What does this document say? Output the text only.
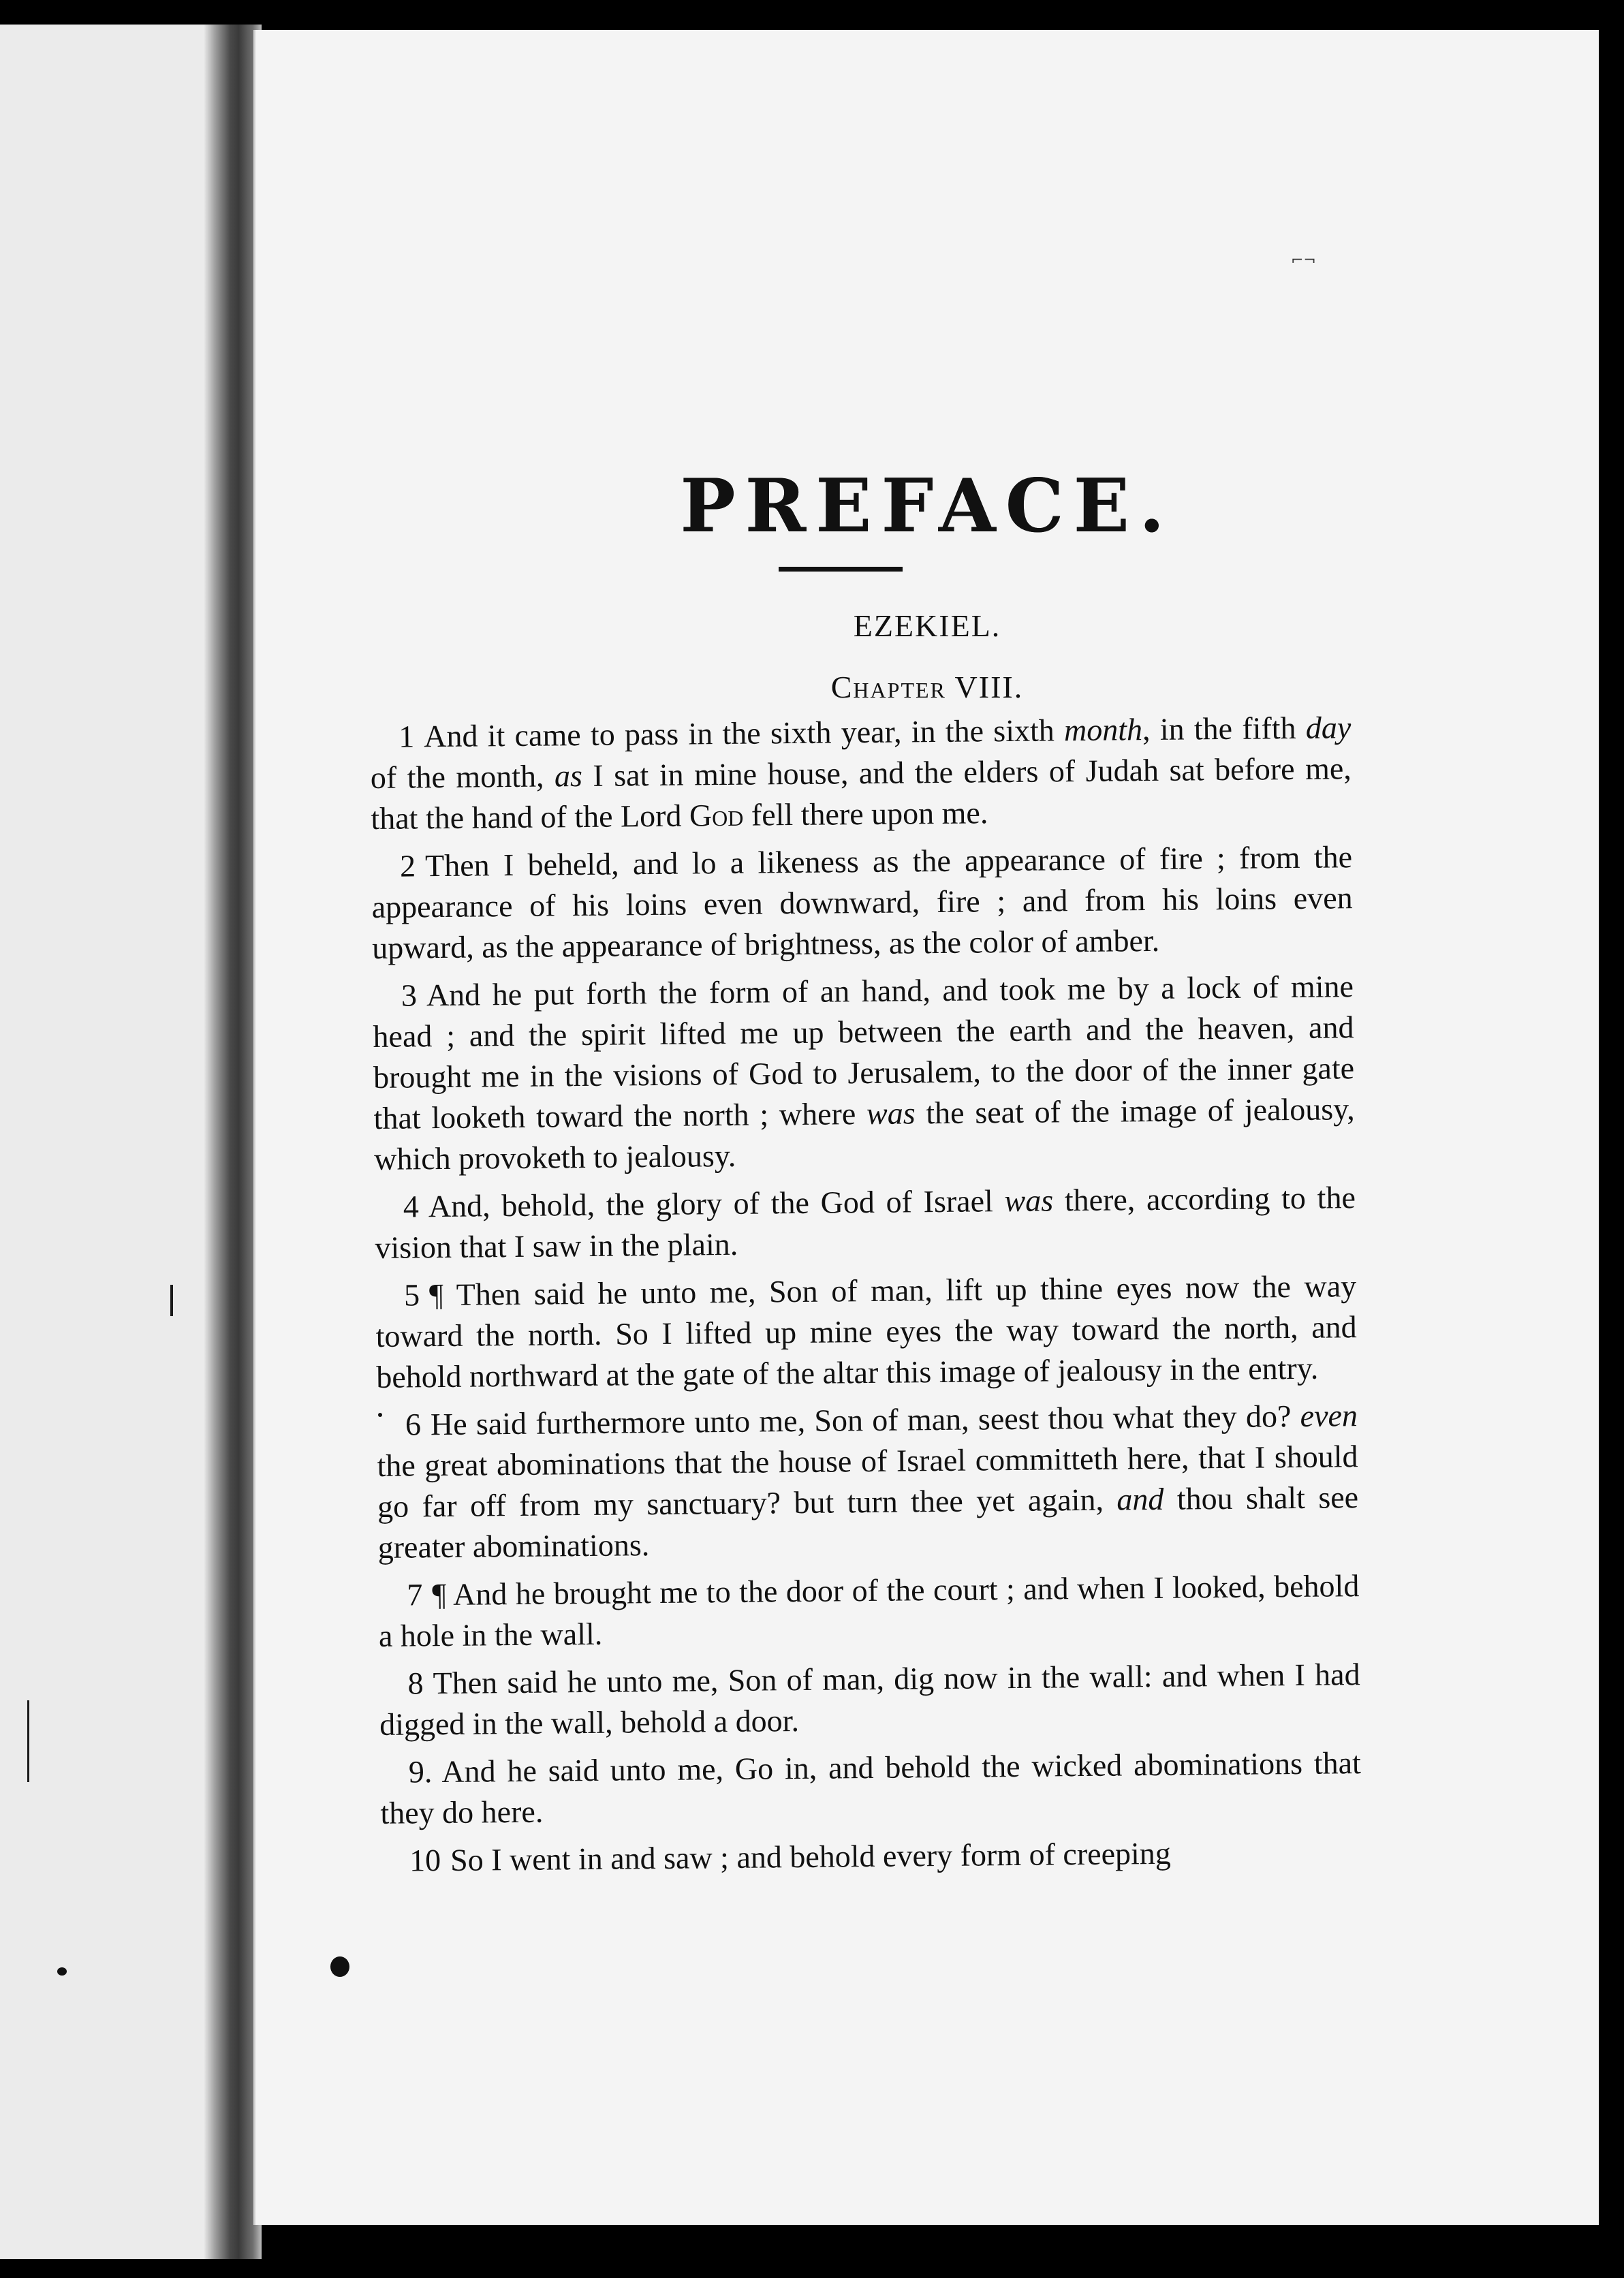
⌐¬
PREFACE.
EZEKIEL.
Chapter VIII.

1 And it came to pass in the sixth year, in the sixth month, in the fifth day of the month, as I sat in mine house, and the elders of Judah sat before me, that the hand of the Lord God fell there upon me.

2 Then I beheld, and lo a likeness as the appearance of fire ; from the appearance of his loins even downward, fire ; and from his loins even upward, as the appearance of brightness, as the color of amber.

3 And he put forth the form of an hand, and took me by a lock of mine head ; and the spirit lifted me up between the earth and the heaven, and brought me in the visions of God to Jerusalem, to the door of the inner gate that looketh toward the north ; where was the seat of the image of jealousy, which provoketh to jealousy.

4 And, behold, the glory of the God of Israel was there, according to the vision that I saw in the plain.

5 ¶ Then said he unto me, Son of man, lift up thine eyes now the way toward the north. So I lifted up mine eyes the way toward the north, and behold northward at the gate of the altar this image of jealousy in the entry.

6 He said furthermore unto me, Son of man, seest thou what they do? even the great abominations that the house of Israel committeth here, that I should go far off from my sanctuary? but turn thee yet again, and thou shalt see greater abominations.

7 ¶ And he brought me to the door of the court ; and when I looked, behold a hole in the wall.

8 Then said he unto me, Son of man, dig now in the wall: and when I had digged in the wall, behold a door.

9. And he said unto me, Go in, and behold the wicked abominations that they do here.

10 So I went in and saw ; and behold every form of creeping
